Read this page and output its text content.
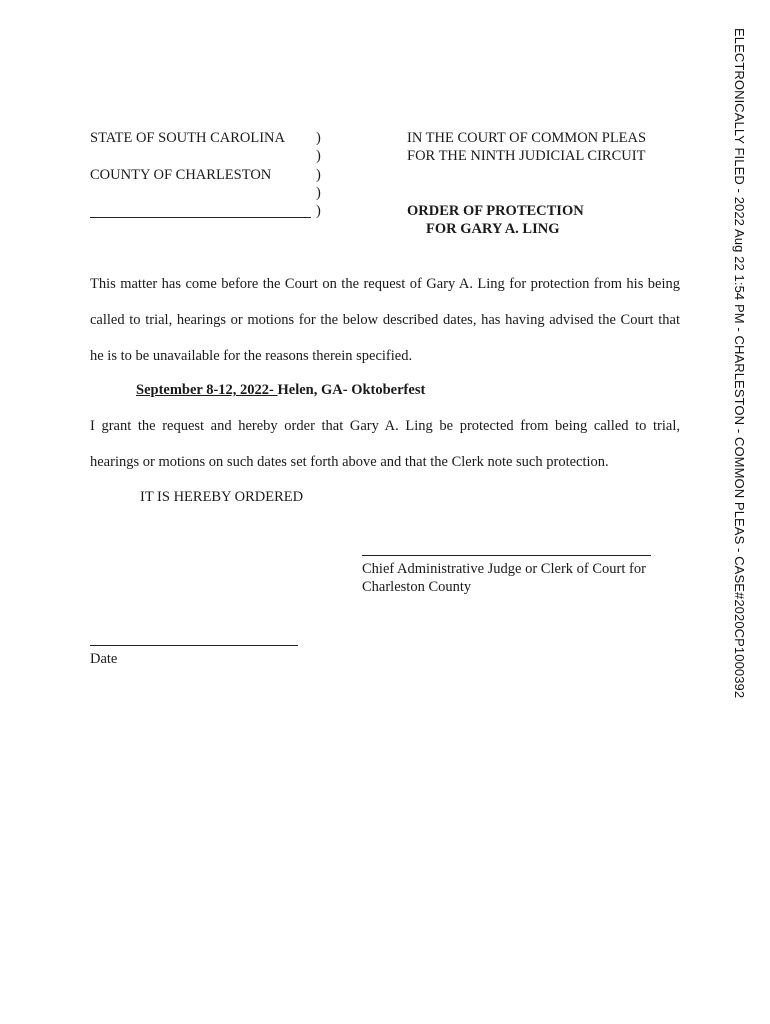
ELECTRONICALLY FILED - 2022 Aug 22 1:54 PM - CHARLESTON - COMMON PLEAS - CASE#2020CP1000392
STATE OF SOUTH CAROLINA
COUNTY OF CHARLESTON
)
)
)
)
)
IN THE COURT OF COMMON PLEAS
FOR THE NINTH JUDICIAL CIRCUIT
ORDER OF PROTECTION
FOR GARY A. LING
This matter has come before the Court on the request of Gary A. Ling for protection from his being
called to trial, hearings or motions for the below described dates, has having advised the Court that
he is to be unavailable for the reasons therein specified.
September 8-12, 2022- Helen, GA- Oktoberfest
I grant the request and hereby order that Gary A. Ling be protected from being called to trial,
hearings or motions on such dates set forth above and that the Clerk note such protection.
IT IS HEREBY ORDERED
Chief Administrative Judge or Clerk of Court for
Charleston County
Date
